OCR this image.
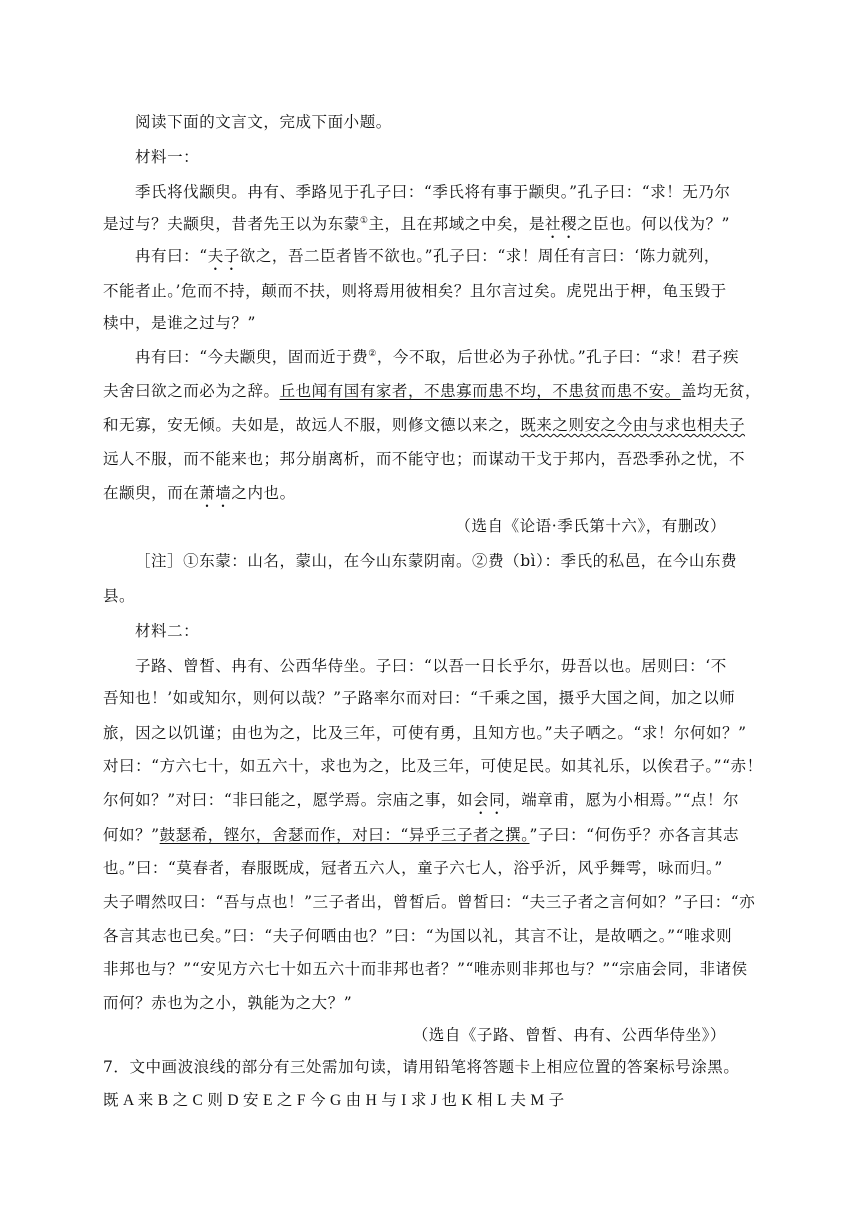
阅读下面的文言文，完成下面小题。
材料一：
季氏将伐颛臾。冉有、季路见于孔子曰：“季氏将有事于颛臾。”孔子曰：“求！无乃尔
是过与？夫颛臾，昔者先王以为东蒙①主，且在邦域之中矣，是社稷之臣也。何以伐为？”
冉有曰：“夫子欲之，吾二臣者皆不欲也。”孔子曰：“求！周任有言曰：‘陈力就列，
不能者止。’危而不持，颠而不扶，则将焉用彼相矣？且尔言过矣。虎兕出于柙，龟玉毁于
椟中，是谁之过与？”
冉有曰：“今夫颛臾，固而近于费②，今不取，后世必为子孙忧。”孔子曰：“求！君子疾
夫舍曰欲之而必为之辞。丘也闻有国有家者，不患寡而患不均，不患贫而患不安。盖均无贫，
和无寡，安无倾。夫如是，故远人不服，则修文德以来之，既来之则安之今由与求也相夫子
远人不服，而不能来也；邦分崩离析，而不能守也；而谋动干戈于邦内，吾恐季孙之忧，不
在颛臾，而在萧墙之内也。
（选自《论语·季氏第十六》，有删改）
［注］①东蒙：山名，蒙山，在今山东蒙阴南。②费（bì）：季氏的私邑，在今山东费
县。
材料二：
子路、曾皙、冉有、公西华侍坐。子曰：“以吾一日长乎尔，毋吾以也。居则曰：‘不
吾知也！’如或知尔，则何以哉？”子路率尔而对曰：“千乘之国，摄乎大国之间，加之以师
旅，因之以饥谨；由也为之，比及三年，可使有勇，且知方也。”夫子哂之。“求！尔何如？”
对曰：“方六七十，如五六十，求也为之，比及三年，可使足民。如其礼乐，以俟君子。”“赤！
尔何如？”对曰：“非曰能之，愿学焉。宗庙之事，如会同，端章甫，愿为小相焉。”“点！尔
何如？”鼓瑟希，铿尔，舍瑟而作，对曰：“异乎三子者之撰。”子曰：“何伤乎？亦各言其志
也。”曰：“莫春者，春服既成，冠者五六人，童子六七人，浴乎沂，风乎舞雩，咏而归。”
夫子喟然叹曰：“吾与点也！”三子者出，曾皙后。曾皙曰：“夫三子者之言何如？”子曰：“亦
各言其志也已矣。”曰：“夫子何哂由也？”曰：“为国以礼，其言不让，是故哂之。”“唯求则
非邦也与？”“安见方六七十如五六十而非邦也者？”“唯赤则非邦也与？”“宗庙会同，非诸侯
而何？赤也为之小，孰能为之大？”
（选自《子路、曾皙、冉有、公西华侍坐》）
7．文中画波浪线的部分有三处需加句读，请用铅笔将答题卡上相应位置的答案标号涂黑。
既 A 来 B 之 C 则 D 安 E 之 F 今 G 由 H 与 I 求 J 也 K 相 L 夫 M 子
